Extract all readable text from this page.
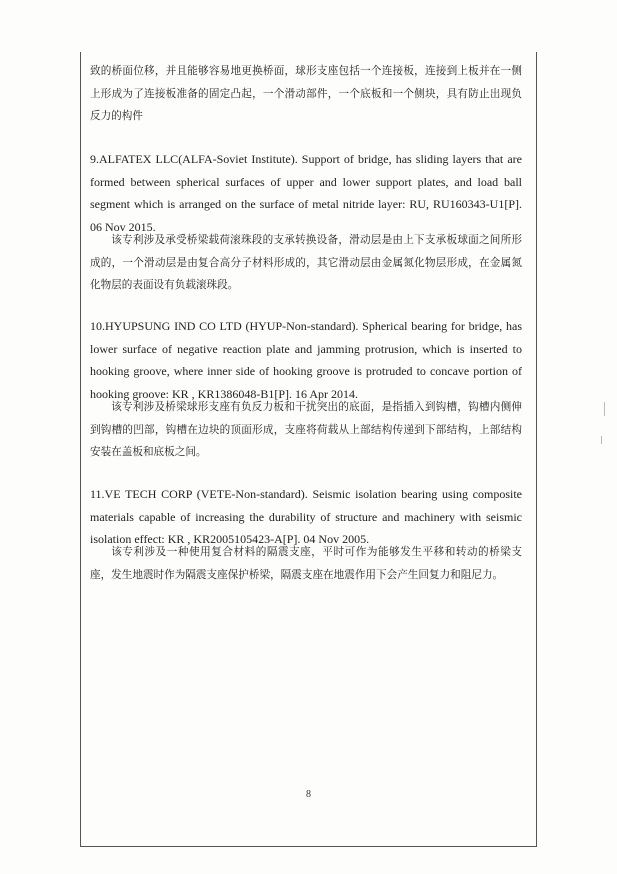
致的桥面位移，并且能够容易地更换桥面，球形支座包括一个连接板，连接到上板并在一侧上形成为了连接板准备的固定凸起，一个滑动部件，一个底板和一个侧块，具有防止出现负反力的构件

9.ALFATEX LLC(ALFA-Soviet Institute). Support of bridge, has sliding layers that are formed between spherical surfaces of upper and lower support plates, and load ball segment which is arranged on the surface of metal nitride layer: RU, RU160343-U1[P]. 06 Nov 2015.

该专利涉及承受桥梁载荷滚珠段的支承转换设备，滑动层是由上下支承板球面之间所形成的，一个滑动层是由复合高分子材料形成的，其它滑动层由金属氮化物层形成，在金属氮化物层的表面设有负载滚珠段。

10.HYUPSUNG IND CO LTD (HYUP-Non-standard). Spherical bearing for bridge, has lower surface of negative reaction plate and jamming protrusion, which is inserted to hooking groove, where inner side of hooking groove is protruded to concave portion of hooking groove: KR , KR1386048-B1[P]. 16 Apr 2014.

该专利涉及桥梁球形支座有负反力板和干扰突出的底面，是指插入到钩槽，钩槽内侧伸到钩槽的凹部，钩槽在边块的顶面形成，支座将荷载从上部结构传递到下部结构，上部结构安装在盖板和底板之间。

11.VE TECH CORP (VETE-Non-standard). Seismic isolation bearing using composite materials capable of increasing the durability of structure and machinery with seismic isolation effect: KR , KR2005105423-A[P]. 04 Nov 2005.

该专利涉及一种使用复合材料的隔震支座，平时可作为能够发生平移和转动的桥梁支座，发生地震时作为隔震支座保护桥梁，隔震支座在地震作用下会产生回复力和阻尼力。

8
